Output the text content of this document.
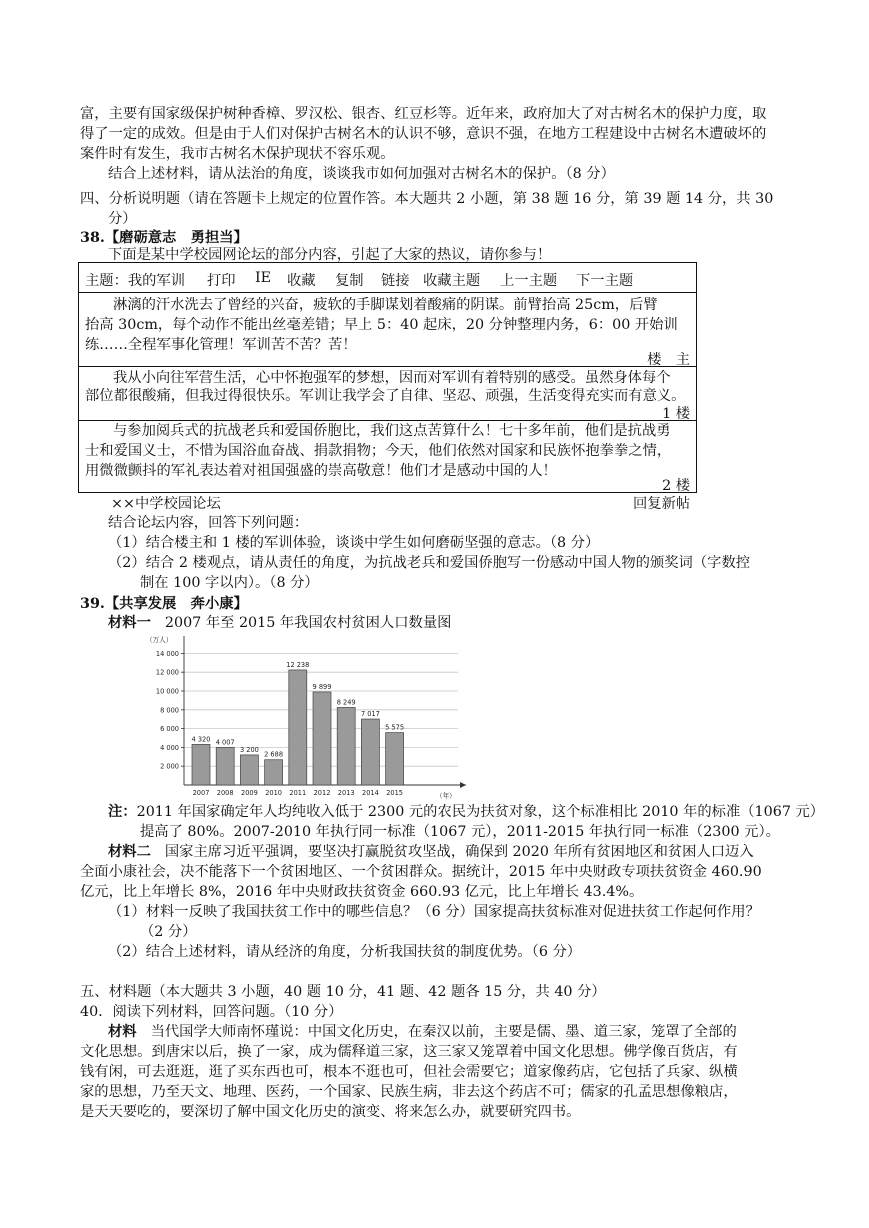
富，主要有国家级保护树种香樟、罗汉松、银杏、红豆杉等。近年来，政府加大了对古树名木的保护力度，取
得了一定的成效。但是由于人们对保护古树名木的认识不够，意识不强，在地方工程建设中古树名木遭破坏的
案件时有发生，我市古树名木保护现状不容乐观。
结合上述材料，请从法治的角度，谈谈我市如何加强对古树名木的保护。（8 分）
四、分析说明题（请在答题卡上规定的位置作答。本大题共 2 小题，第 38 题 16 分，第 39 题 14 分，共 30
分）
38.【磨砺意志　勇担当】
下面是某中学校园网论坛的部分内容，引起了大家的热议，请你参与！
主题：我的军训 打印 IE 收藏 复制 链接 收藏主题 上一主题 下一主题
淋漓的汗水洗去了曾经的兴奋，疲软的手脚谋划着酸痛的阴谋。前臂抬高 25cm，后臂
抬高 30cm，每个动作不能出丝毫差错；早上 5：40 起床，20 分钟整理内务，6：00 开始训
练……全程军事化管理！军训苦不苦？苦！
楼　主
我从小向往军营生活，心中怀抱强军的梦想，因而对军训有着特别的感受。虽然身体每个
部位都很酸痛，但我过得很快乐。军训让我学会了自律、坚忍、顽强，生活变得充实而有意义。
1 楼
与参加阅兵式的抗战老兵和爱国侨胞比，我们这点苦算什么！七十多年前，他们是抗战勇
士和爱国义士，不惜为国浴血奋战、捐款捐物；今天，他们依然对国家和民族怀抱拳拳之情，
用微微颤抖的军礼表达着对祖国强盛的崇高敬意！他们才是感动中国的人！
2 楼
××中学校园论坛	回复新帖
结合论坛内容，回答下列问题：
（1）结合楼主和 1 楼的军训体验，谈谈中学生如何磨砺坚强的意志。（8 分）
（2）结合 2 楼观点，请从责任的角度，为抗战老兵和爱国侨胞写一份感动中国人物的颁奖词（字数控
制在 100 字以内）。（8 分）
39.【共享发展　奔小康】
材料一 2007 年至 2015 年我国农村贫困人口数量图
2 000
4 000
6 000
8 000
10 000
12 000
14 000
（万人）
（年）
4 320
2007
4 007
2008
3 200
2009
2 688
2010
12 238
2011
9 899
2012
8 249
2013
7 017
2014
5 575
2015
注：2011 年国家确定年人均纯收入低于 2300 元的农民为扶贫对象，这个标准相比 2010 年的标准（1067 元）
提高了 80%。2007-2010 年执行同一标准（1067 元），2011-2015 年执行同一标准（2300 元）。
材料二 国家主席习近平强调，要坚决打赢脱贫攻坚战，确保到 2020 年所有贫困地区和贫困人口迈入
全面小康社会，决不能落下一个贫困地区、一个贫困群众。据统计，2015 年中央财政专项扶贫资金 460.90
亿元，比上年增长 8%，2016 年中央财政扶贫资金 660.93 亿元，比上年增长 43.4%。
（1）材料一反映了我国扶贫工作中的哪些信息？（6 分）国家提高扶贫标准对促进扶贫工作起何作用？
（2 分）
（2）结合上述材料，请从经济的角度，分析我国扶贫的制度优势。（6 分）
五、材料题（本大题共 3 小题，40 题 10 分，41 题、42 题各 15 分，共 40 分）
40．阅读下列材料，回答问题。（10 分）
材料 当代国学大师南怀瑾说：中国文化历史，在秦汉以前，主要是儒、墨、道三家，笼罩了全部的
文化思想。到唐宋以后，换了一家，成为儒释道三家，这三家又笼罩着中国文化思想。佛学像百货店，有
钱有闲，可去逛逛，逛了买东西也可，根本不逛也可，但社会需要它；道家像药店，它包括了兵家、纵横
家的思想，乃至天文、地理、医药，一个国家、民族生病，非去这个药店不可；儒家的孔孟思想像粮店，
是天天要吃的，要深切了解中国文化历史的演变、将来怎么办，就要研究四书。
